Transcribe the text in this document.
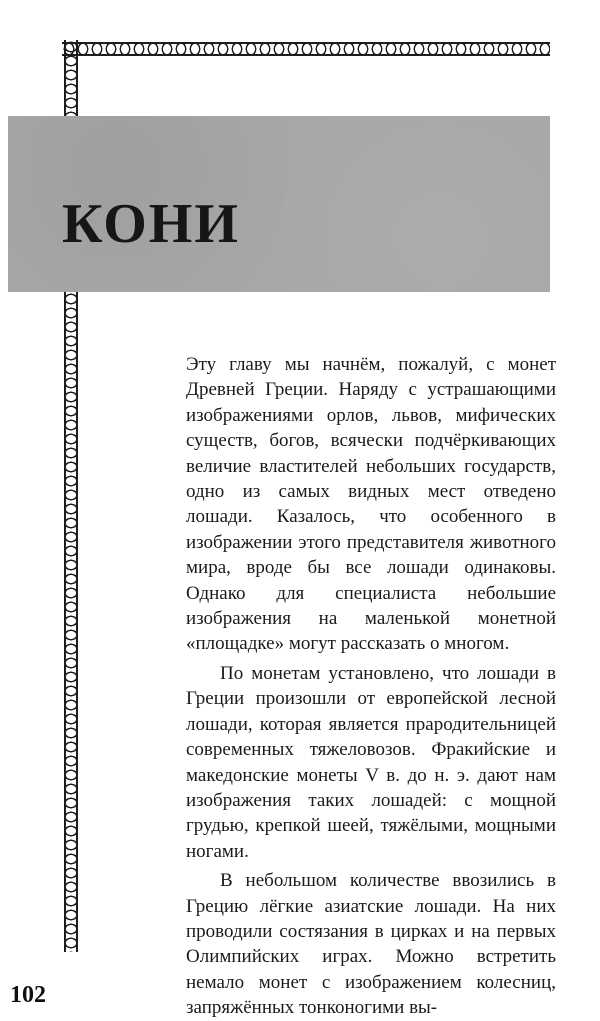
КОНИ

Эту главу мы начнём, пожалуй, с монет Древней Греции. Наряду с устрашающими изображениями орлов, львов, мифических существ, богов, всячески подчёркивающих величие властителей небольших государств, одно из самых видных мест отведено лошади. Казалось, что особенного в изображении этого представителя животного мира, вроде бы все лошади одинаковы. Однако для специалиста небольшие изображения на маленькой монетной «площадке» могут рассказать о многом.

По монетам установлено, что лошади в Греции произошли от европейской лесной лошади, которая является прародительницей современных тяжеловозов. Фракийские и македонские монеты V в. до н. э. дают нам изображения таких лошадей: с мощной грудью, крепкой шеей, тяжёлыми, мощными ногами.

В небольшом количестве ввозились в Грецию лёгкие азиатские лошади. На них проводили состязания в цирках и на первых Олимпийских играх. Можно встретить немало монет с изображением колесниц, запряжённых тонконогими вы-

102
